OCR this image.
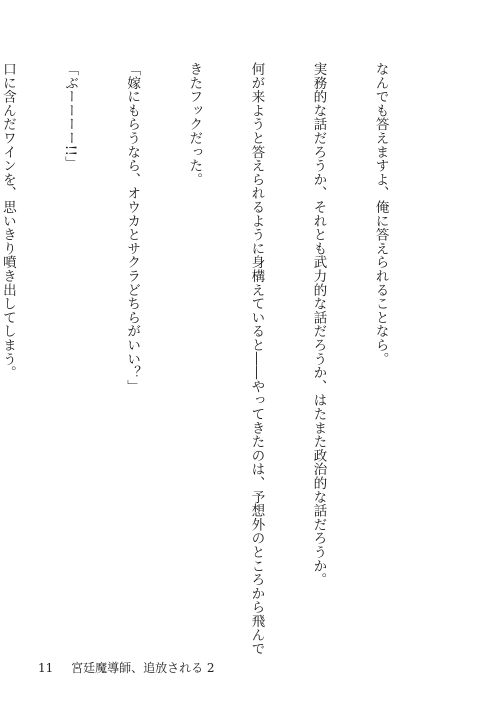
なんでも答えますよ、俺に答えられることなら。

実務的な話だろうか、それとも武力的な話だろうか、はたまた政治的な話だろうか。

何が来ようと答えられるように身構えていると――やってきたのは、予想外のところから飛んで

きたフックだった。

「嫁にもらうなら、オウカとサクラどちらがいい？」

「ぶーーーー!!」

口に含んだワインを、思いきり噴き出してしまう。

11 宮廷魔導師、追放される 2
